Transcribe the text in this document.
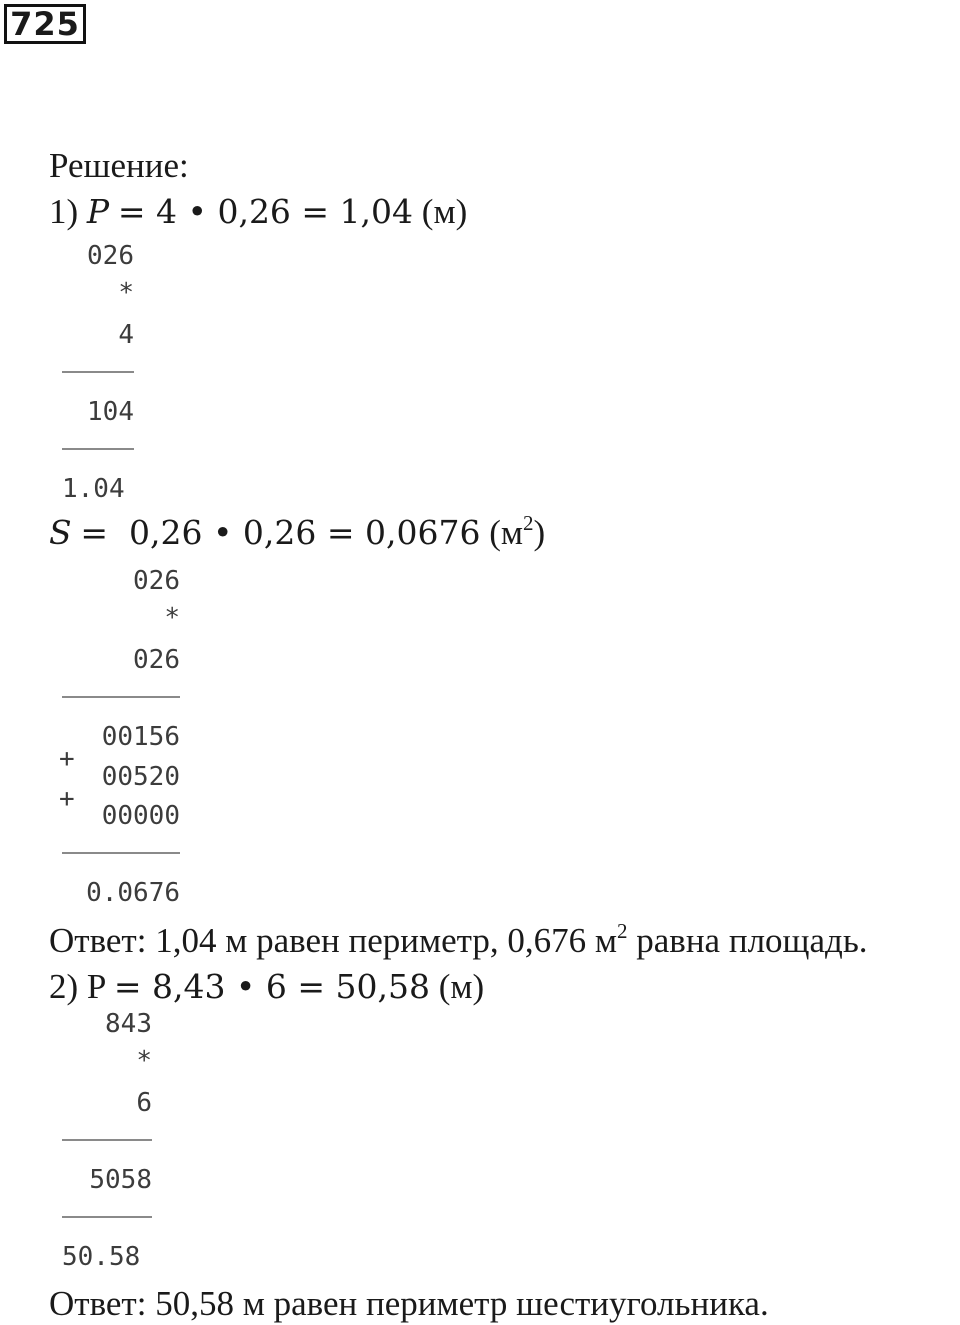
725
Решение:
1) P = 4 • 0,26 = 1,04 (м)
026
*
4
104
1.04
S =  0,26 • 0,26 = 0,0676 $(м^2)$
026
*
026
00156
+
00520
+
00000
0.0676
Ответ: 1,04 м равен периметр, 0,676 $м^2$ равна площадь.
2) P = 8,43 • 6 = 50,58 (м)
843
*
6
5058
50.58
Ответ: 50,58 м равен периметр шестиугольника.
